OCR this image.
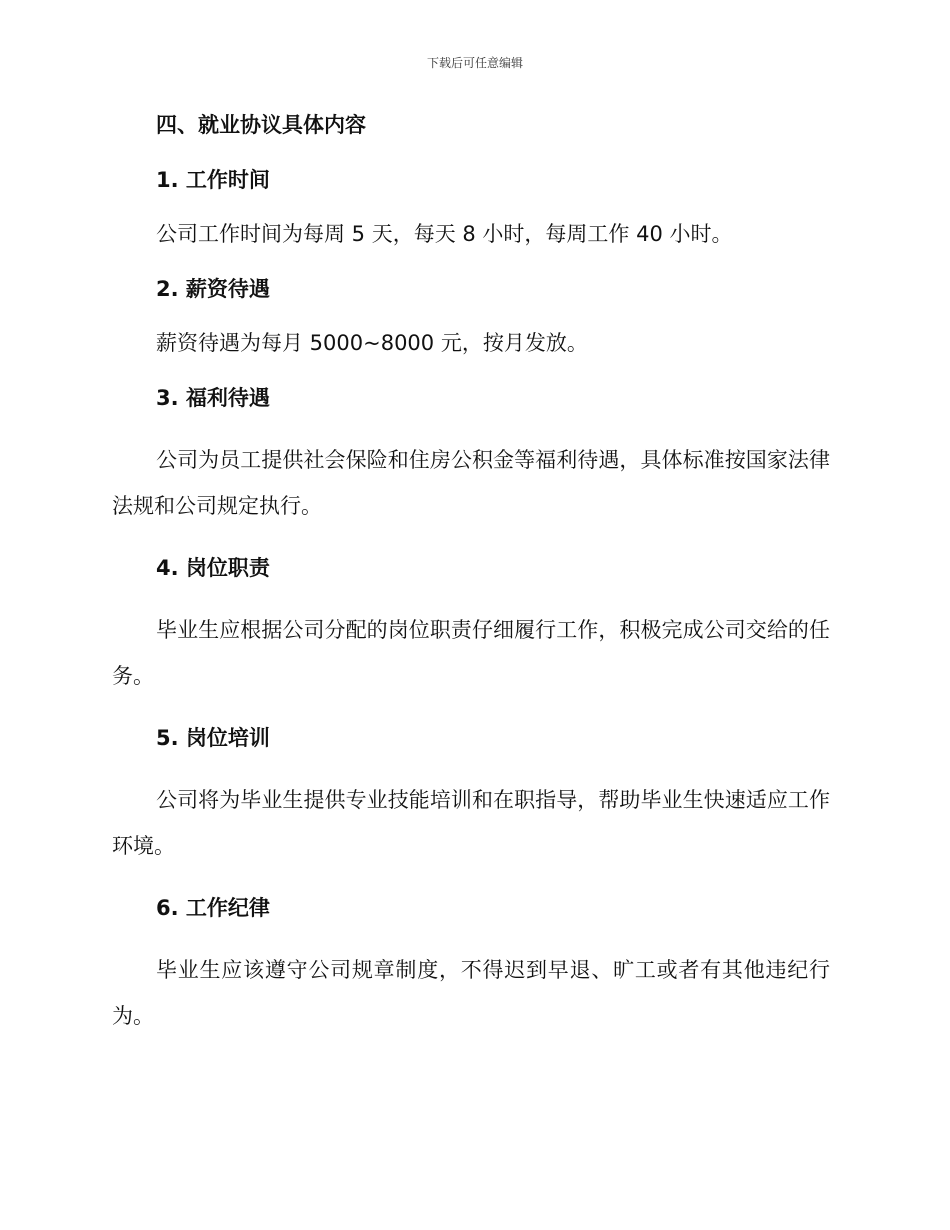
下载后可任意编辑
四、就业协议具体内容
1. 工作时间

公司工作时间为每周 5 天，每天 8 小时，每周工作 40 小时。

2. 薪资待遇

薪资待遇为每月 5000~8000 元，按月发放。

3. 福利待遇

公司为员工提供社会保险和住房公积金等福利待遇，具体标准按国家法律法规和公司规定执行。

4. 岗位职责

毕业生应根据公司分配的岗位职责仔细履行工作，积极完成公司交给的任务。

5. 岗位培训

公司将为毕业生提供专业技能培训和在职指导，帮助毕业生快速适应工作环境。

6. 工作纪律

毕业生应该遵守公司规章制度，不得迟到早退、旷工或者有其他违纪行为。
